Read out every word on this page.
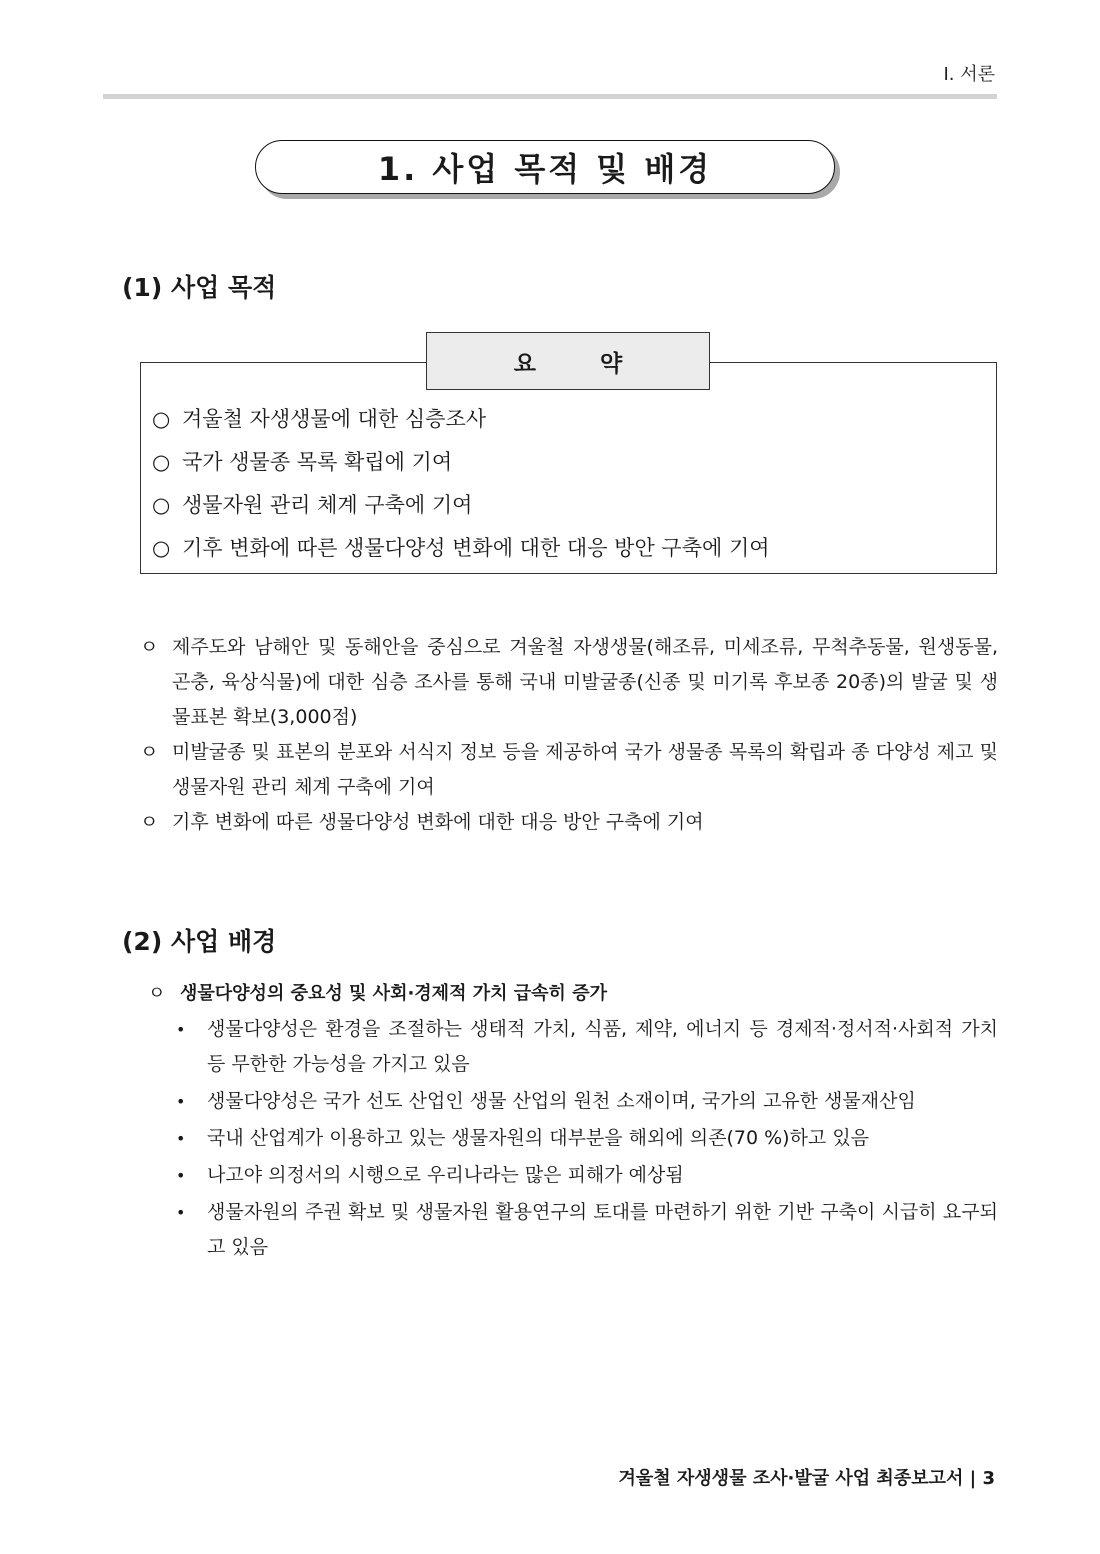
I. 서론
1. 사업 목적 및 배경
(1) 사업 목적
요 약
○ 겨울철 자생생물에 대한 심층조사
○ 국가 생물종 목록 확립에 기여
○ 생물자원 관리 체계 구축에 기여
○ 기후 변화에 따른 생물다양성 변화에 대한 대응 방안 구축에 기여
ㅇ 제주도와 남해안 및 동해안을 중심으로 겨울철 자생생물(해조류, 미세조류, 무척추동물, 원생동물, 곤충, 육상식물)에 대한 심층 조사를 통해 국내 미발굴종(신종 및 미기록 후보종 20종)의 발굴 및 생물표본 확보(3,000점)
ㅇ 미발굴종 및 표본의 분포와 서식지 정보 등을 제공하여 국가 생물종 목록의 확립과 종 다양성 제고 및 생물자원 관리 체계 구축에 기여
ㅇ 기후 변화에 따른 생물다양성 변화에 대한 대응 방안 구축에 기여
(2) 사업 배경
ㅇ 생물다양성의 중요성 및 사회·경제적 가치 급속히 증가
• 생물다양성은 환경을 조절하는 생태적 가치, 식품, 제약, 에너지 등 경제적·정서적·사회적 가치 등 무한한 가능성을 가지고 있음
• 생물다양성은 국가 선도 산업인 생물 산업의 원천 소재이며, 국가의 고유한 생물재산임
• 국내 산업계가 이용하고 있는 생물자원의 대부분을 해외에 의존(70 %)하고 있음
• 나고야 의정서의 시행으로 우리나라는 많은 피해가 예상됨
• 생물자원의 주권 확보 및 생물자원 활용연구의 토대를 마련하기 위한 기반 구축이 시급히 요구되고 있음
겨울철 자생생물 조사·발굴 사업 최종보고서 | 3
